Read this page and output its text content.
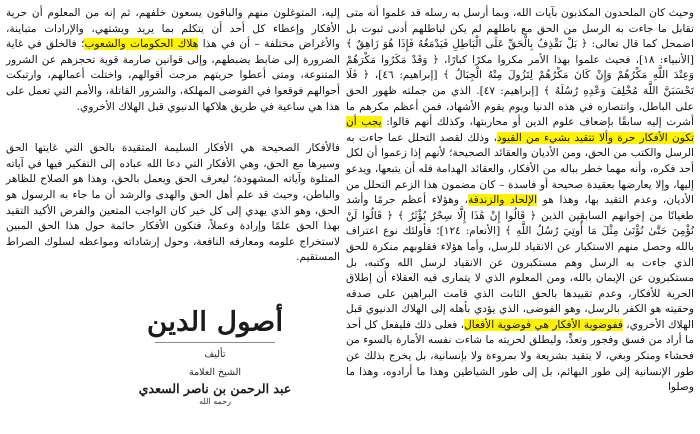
وحيث كان الملحدون المكذبون بآيات الله، وبما أرسل به رسله قد علموا أنه متى تقابل ما جاءت به الرسل من الحق مع باطلهم لم يكن لباطلهم أدنى ثبوت بل اضمحل كما قال تعالى: ﴿ بَلْ نَقْذِفُ بِالْحَقِّ عَلَى الْبَاطِلِ فَيَدْمَغُهُ فَإِذَا هُوَ زَاهِقٌ ﴾ [الأنبياء: ١٨]، فحيث علموا بهذا الأمر مكروا مكرًا كبارًا، ﴿ وَقَدْ مَكَرُوا مَكْرَهُمْ وَعِنْدَ اللَّهِ مَكْرُهُمْ وَإِنْ كَانَ مَكْرُهُمْ لِتَزُولَ مِنْهُ الْجِبَالُ ﴾ [إبراهيم: ٤٦]، ﴿ فَلَا تَحْسَبَنَّ اللَّهَ مُخْلِفَ وَعْدِهِ رُسُلَهُ ﴾ [إبراهيم: ٤٧]. الذي من جملته ظهور الحق على الباطل، وانتصاره في هذه الدنيا ويوم يقوم الأشهاد، فمن أعظم مكرهم ما أشرت إليه سابقًا بإضعاف علوم الدين أو محاربتها، وكذلك أنهم قالوا: يجب أن تكون الأفكار حرة وألا تتقيد بشيء من القيود، وذلك لقصد التحلل عما جاءت به الرسل والكتب من الحق، ومن الأديان والعقائد الصحيحة؛ لأنهم إذا زعموا أن لكل أحد فكره، وأنه مهما خطر بباله من الأفكار، والعقائد الهدامة فله أن يتبعها، ويدعو إليها، وإلا يعارضها بعقيدة صحيحة أو فاسدة – كان مضمون هذا الزعم التحلل من الأديان، وعدم التقيد بها، وهذا هو الإلحاد والزندقة، وهؤلاء أعظم جرمًا وأشد طغيانًا من إخوانهم السابقين الذين ﴿ قَالُوا إِنْ هَٰذَا إِلَّا سِحْرٌ يُؤْثَرُ ﴾ ﴿ قَالُوا لَنْ نُؤْمِنَ حَتَّىٰ نُؤْتَىٰ مِثْلَ مَا أُوتِيَ رُسُلُ اللَّهِ ﴾ [الأنعام: ١٢٤]؛ فأولئك نوع اعتراف بالله وحصل منهم الاستكبار عن الانقياد للرسل، وأما هؤلاء فقلوبهم منكرة للحق الذي جاءت به الرسل وهم مستكبرون عن الانقياد لرسل الله وكتبه، بل مستكبرون عن الإيمان بالله، ومن المعلوم الذي لا يتمارى فيه العقلاء أن إطلاق الحرية للأفكار، وعدم تقييدها بالحق الثابت الذي قامت البراهين على صدقه وحقيته هو الكفر بالرسل، وهو الفوضى، الذي يؤدي بأهله إلى الهلاك الدنيوي قبل الهلاك الأخروي، ففوضوية الأفكار هي فوضوية الأفعال، فعلى ذلك فليفعل كل أحد ما أراد من فسق وفجور وتعدٍّ، وليطلق لحريته ما شاءت نفسه الأمارة بالسوء من فحشاء ومنكر وبغي، لا يتقيد بشريعة ولا بمروءة ولا بإنسانية، بل يخرج بذلك عن طور الإنسانية إلى طور البهائم، بل إلى طور الشياطين وهذا ما أرادوه، وهذا ما وصلوا

إليه، المتوغلون منهم والباقون يسعون خلفهم، ثم إنه من المعلوم أن حرية الأفكار وإعطاء كل أحد أن يتكلم بما يريد ويشتهي، والإرادات متباينة، والأغراض مختلفة – أن في هذا هلاك الحكومات والشعوب؛ فالخلق في غاية الضرورة إلى ضابط يضبطهم، وإلى قوانين صارمة قوية تحجزهم عن الشرور المتنوعة، ومتى أعطوا حريتهم مرجت أقوالهم، واختلت أعمالهم، وارتبكت أحوالهم فوقعوا في الفوضى المهلكة، والشرور القاتلة، والأمم التي تعمل على هذا هي ساعية في طريق هلاكها الدنيوي قبل الهلاك الأخروي.

فالأفكار الصحيحة هي الأفكار السليمة المتقيدة بالحق التي غايتها الحق وسيرها مع الحق، وهي الأفكار التي دعا الله عباده إلى التفكير فيها في آياته المتلوة وآياته المشهودة؛ ليعرف الحق ويعمل بالحق، وهذا هو الصلاح للظاهر والباطن، وحيث قد علم أهل الحق والهدى والرشد أن ما جاء به الرسول هو الحق، وهو الذي يهدي إلى كل خير كان الواجب المتعين والفرض الأكيد التقيد بهذا الحق علمًا وإرادة وعملاً، فتكون الأفكار حائمة حول هذا الحق المبين لاستخراج علومه ومعارفه النافعة، وحول إرشاداته ومواعظه لسلوك الصراط المستقيم.

أصول الدين
تأليف
الشيخ العلامة
عبد الرحمن بن ناصر السعدي
رحمه الله
